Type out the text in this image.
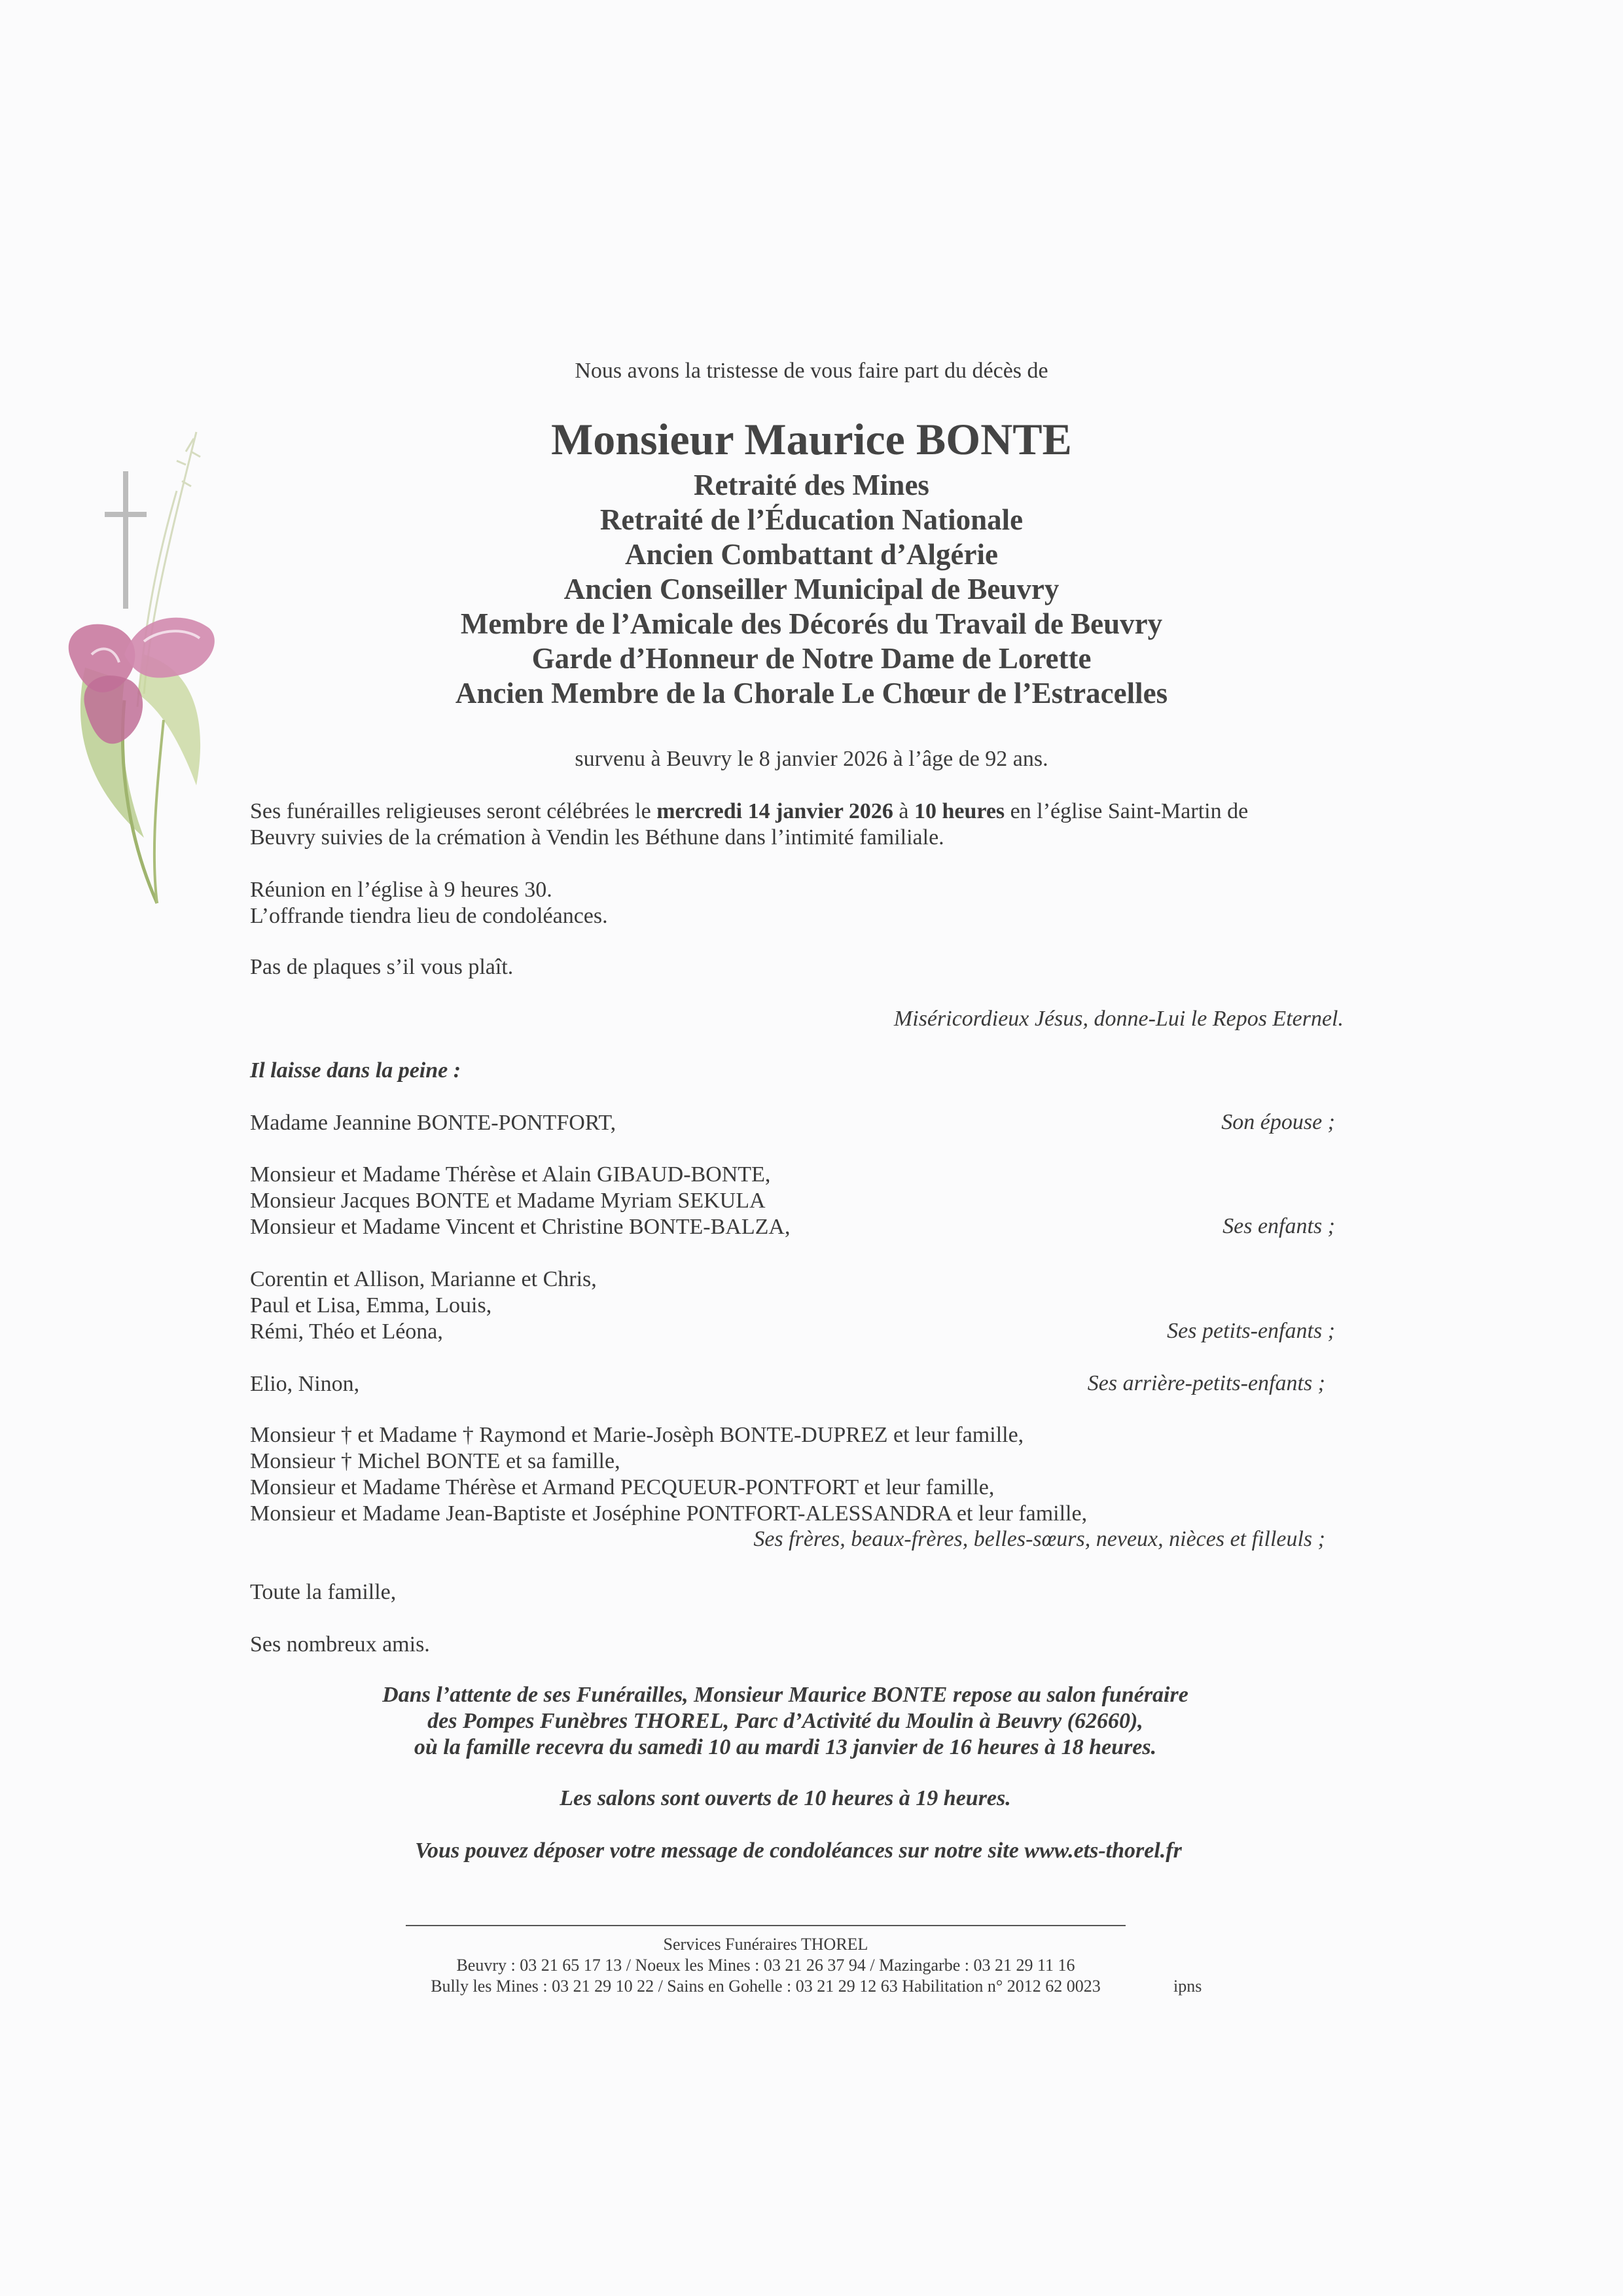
Nous avons la tristesse de vous faire part du décès de

Monsieur Maurice BONTE
Retraité des Mines
Retraité de l’Éducation Nationale
Ancien Combattant d’Algérie
Ancien Conseiller Municipal de Beuvry
Membre de l’Amicale des Décorés du Travail de Beuvry
Garde d’Honneur de Notre Dame de Lorette
Ancien Membre de la Chorale Le Chœur de l’Estracelles

survenu à Beuvry le 8 janvier 2026 à l’âge de 92 ans.

Ses funérailles religieuses seront célébrées le mercredi 14 janvier 2026 à 10 heures en l’église Saint-Martin de
Beuvry suivies de la crémation à Vendin les Béthune dans l’intimité familiale.
Réunion en l’église à 9 heures 30.
L’offrande tiendra lieu de condoléances.

Pas de plaques s’il vous plaît.

Miséricordieux Jésus, donne-Lui le Repos Eternel.

Il laisse dans la peine :

Madame Jeannine BONTE-PONTFORT,	Son épouse ;
Monsieur et Madame Thérèse et Alain GIBAUD-BONTE,
Monsieur Jacques BONTE et Madame Myriam SEKULA
Monsieur et Madame Vincent et Christine BONTE-BALZA,	Ses enfants ;
Corentin et Allison, Marianne et Chris,
Paul et Lisa, Emma, Louis,
Rémi, Théo et Léona,	Ses petits-enfants ;
Elio, Ninon,	Ses arrière-petits-enfants ;
Monsieur † et Madame † Raymond et Marie-Josèph BONTE-DUPREZ et leur famille,
Monsieur † Michel BONTE et sa famille,
Monsieur et Madame Thérèse et Armand PECQUEUR-PONTFORT et leur famille,
Monsieur et Madame Jean-Baptiste et Joséphine PONTFORT-ALESSANDRA et leur famille,
Ses frères, beaux-frères, belles-sœurs, neveux, nièces et filleuls ;

Toute la famille,

Ses nombreux amis.

Dans l’attente de ses Funérailles, Monsieur Maurice BONTE repose au salon funéraire
des Pompes Funèbres THOREL, Parc d’Activité du Moulin à Beuvry (62660),
où la famille recevra du samedi 10 au mardi 13 janvier de 16 heures à 18 heures.

Les salons sont ouverts de 10 heures à 19 heures.

Vous pouvez déposer votre message de condoléances sur notre site www.ets-thorel.fr

Services Funéraires THOREL
Beuvry : 03 21 65 17 13 / Noeux les Mines : 03 21 26 37 94 / Mazingarbe : 03 21 29 11 16
Bully les Mines : 03 21 29 10 22 / Sains en Gohelle : 03 21 29 12 63 Habilitation n° 2012 62 0023	ipns
